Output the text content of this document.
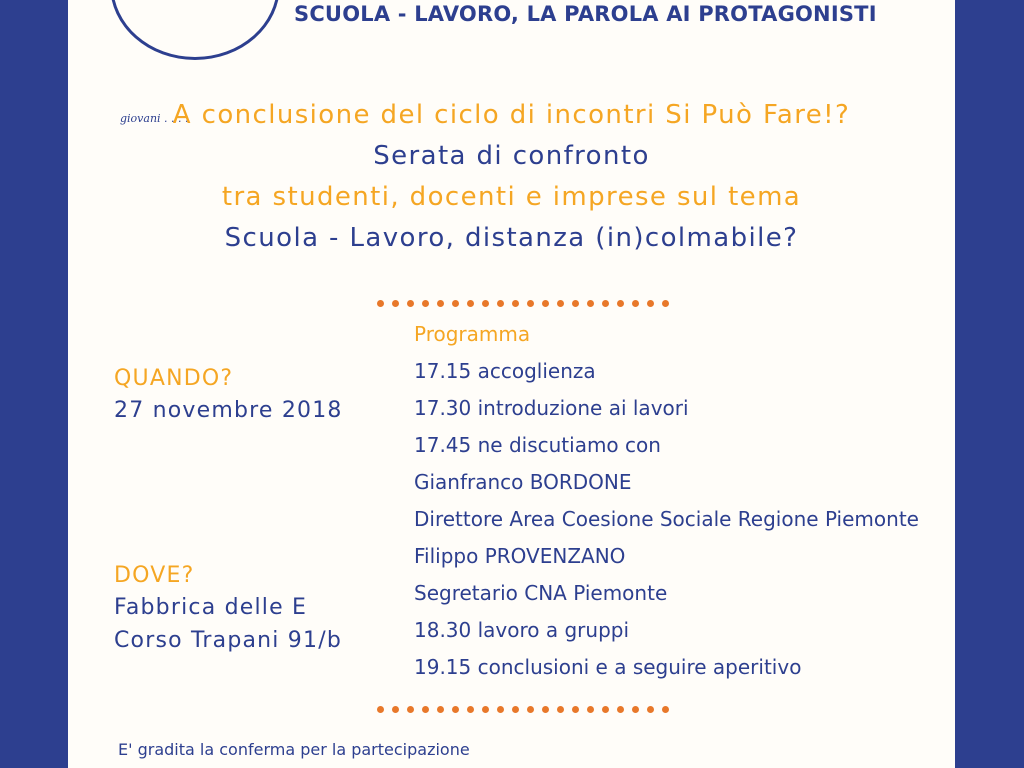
giovani . . . .
SCUOLA - LAVORO, LA PAROLA AI PROTAGONISTI
A conclusione del ciclo di incontri Si Può Fare!?
Serata di confronto
tra studenti, docenti e imprese sul tema
Scuola - Lavoro, distanza (in)colmabile?
QUANDO?
27 novembre 2018
DOVE?
Fabbrica delle E
Corso Trapani 91/b
Programma
17.15 accoglienza
17.30 introduzione ai lavori
17.45 ne discutiamo con
Gianfranco BORDONE
Direttore Area Coesione Sociale Regione Piemonte
Filippo PROVENZANO
Segretario CNA Piemonte
18.30 lavoro a gruppi
19.15 conclusioni e a seguire aperitivo
E' gradita la conferma per la partecipazione
